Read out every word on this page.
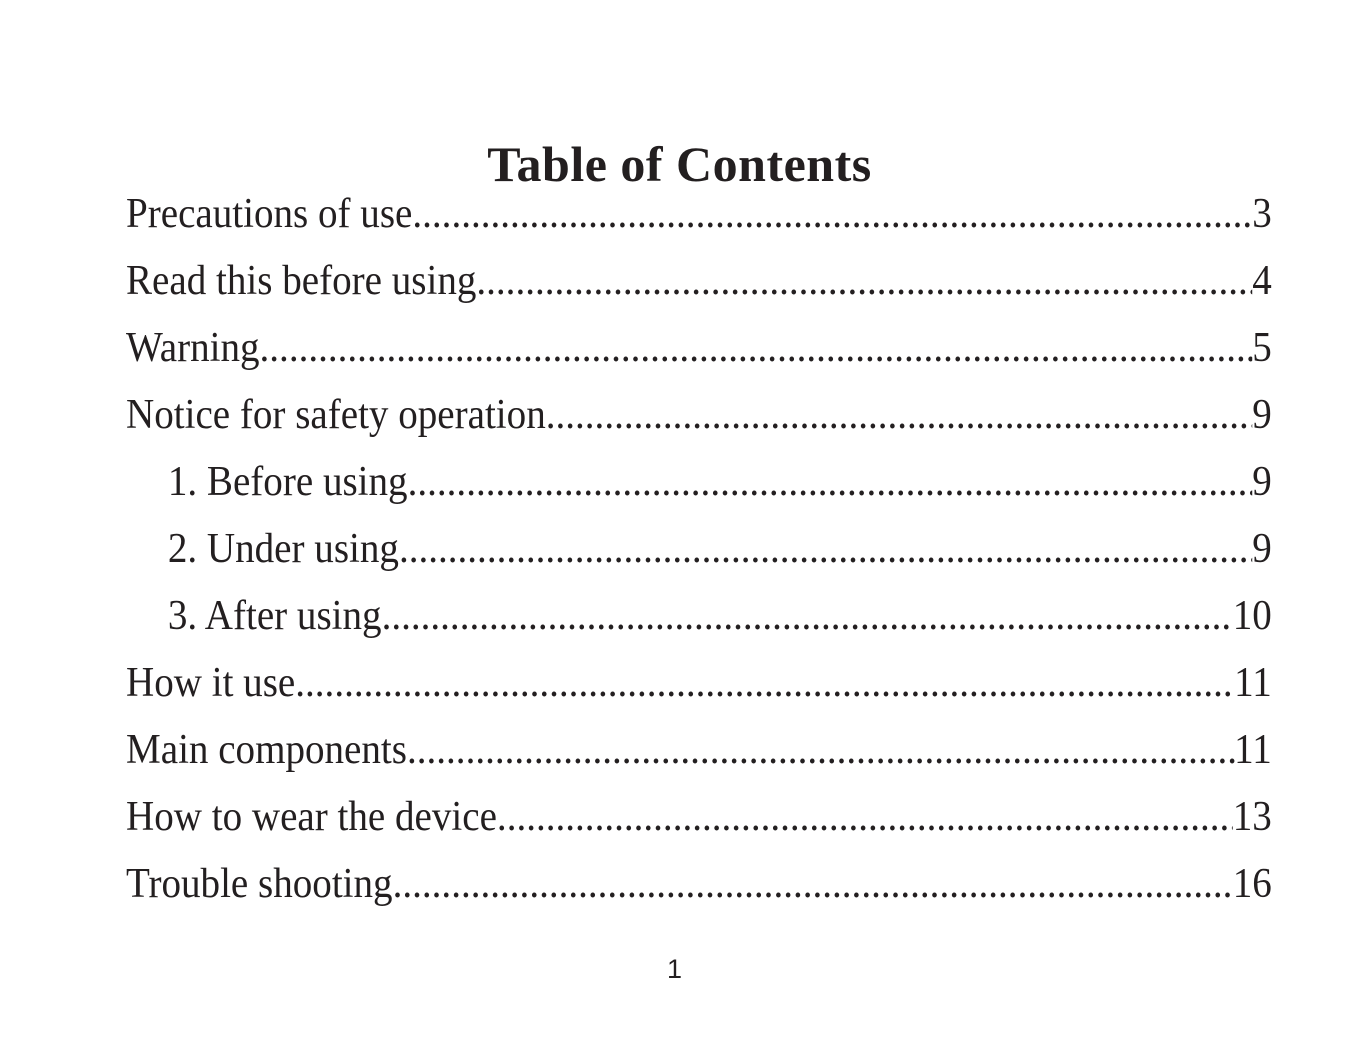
Table of Contents
Precautions of use .....	3
Read this before using .....	4
Warning .....	5
Notice for safety operation .....	9
1. Before using .....	9
2. Under using .....	9
3. After using .....	10
How it use .....	11
Main components .....	11
How to wear the device .....	13
Trouble shooting .....	16
1
